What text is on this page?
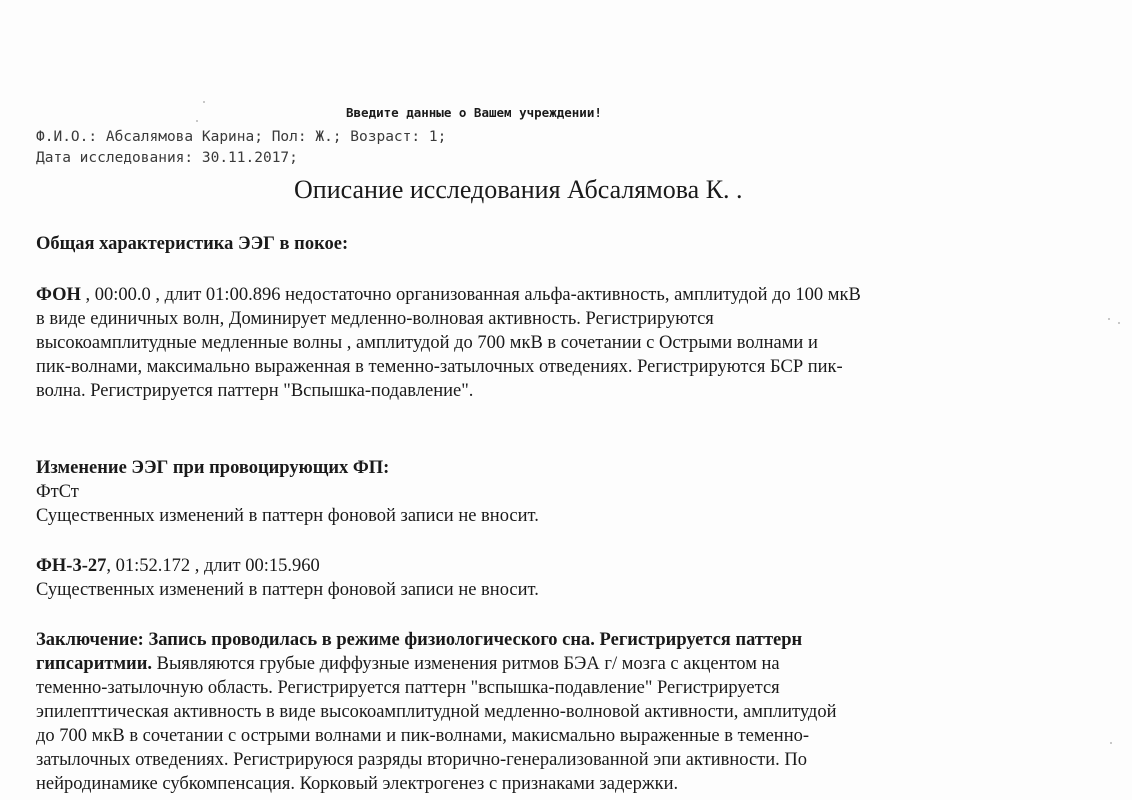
Введите данные о Вашем учреждении!
Ф.И.О.: Абсалямова Карина; Пол: Ж.; Возраст: 1;
Дата исследования: 30.11.2017;
Описание исследования Абсалямова К. .
Общая характеристика ЭЭГ в покое:
ФОН , 00:00.0 , длит 01:00.896 недостаточно организованная альфа-активность, амплитудой до 100 мкВ
в виде единичных волн, Доминирует медленно-волновая активность. Регистрируются
высокоамплитудные медленные волны , амплитудой до 700 мкВ в сочетании с Острыми волнами и
пик-волнами, максимально выраженная в теменно-затылочных отведениях. Регистрируются БСР пик-
волна. Регистрируется паттерн "Вспышка-подавление".
Изменение ЭЭГ при провоцирующих ФП:
ФтСт
Существенных изменений в паттерн фоновой записи не вносит.
ФН-3-27, 01:52.172 , длит 00:15.960
Существенных изменений в паттерн фоновой записи не вносит.
Заключение: Запись проводилась в режиме физиологического сна. Регистрируется паттерн
гипсаритмии. Выявляются грубые диффузные изменения ритмов БЭА г/ мозга с акцентом на
теменно-затылочную область. Регистрируется паттерн "вспышка-подавление" Регистрируется
эпилепттическая активность в виде высокоамплитудной медленно-волновой активности, амплитудой
до 700 мкВ в сочетании с острыми волнами и пик-волнами, макисмально выраженные в теменно-
затылочных отведениях. Регистрируюся разряды вторично-генерализованной эпи активности. По
нейродинамике субкомпенсация. Корковый электрогенез с признаками задержки.
